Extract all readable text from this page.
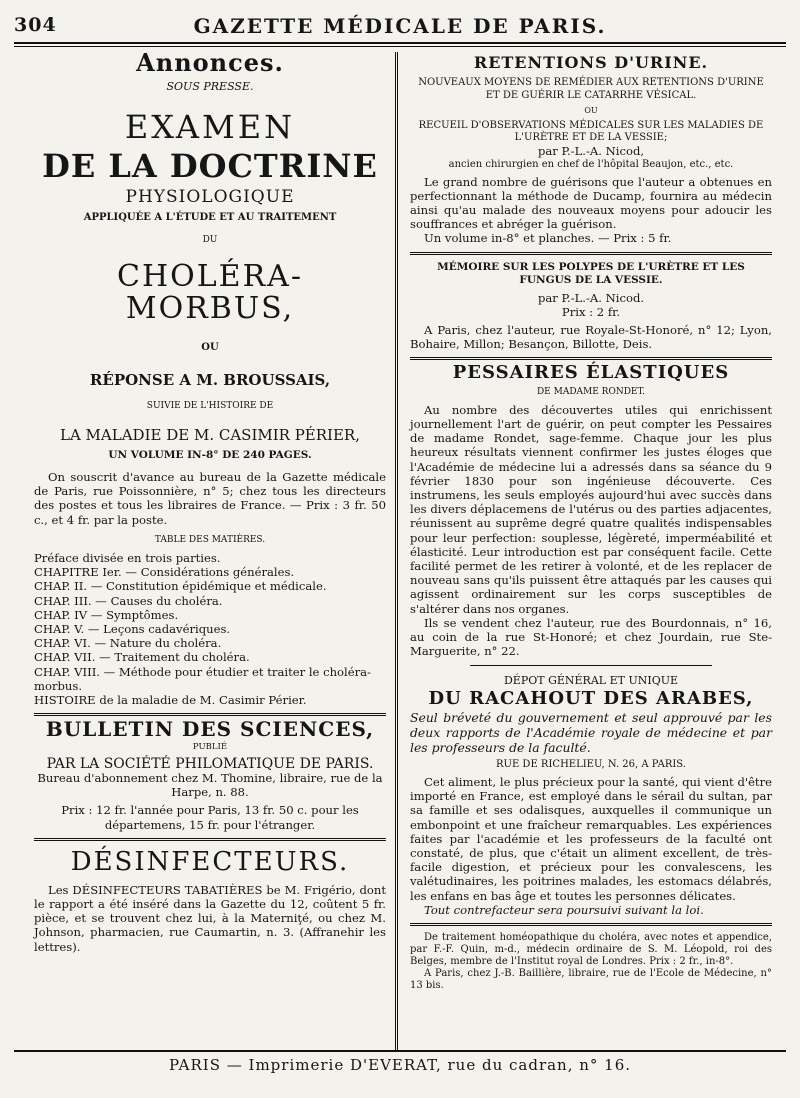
304	GAZETTE MÉDICALE DE PARIS.
Annonces.
SOUS PRESSE.
EXAMEN
DE LA DOCTRINE
PHYSIOLOGIQUE
APPLIQUÉE A L'ÉTUDE ET AU TRAITEMENT
DU
CHOLÉRA-MORBUS,
OU
RÉPONSE A M. BROUSSAIS,
SUIVIE DE L'HISTOIRE DE
LA MALADIE DE M. CASIMIR PÉRIER,
UN VOLUME IN-8° DE 240 PAGES.

On souscrit d'avance au bureau de la Gazette médicale de Paris, rue Poissonnière, n° 5; chez tous les directeurs des postes et tous les libraires de France. — Prix : 3 fr. 50 c., et 4 fr. par la poste.

TABLE DES MATIÈRES.

Préface divisée en trois parties.

CHAPITRE Ier. — Considérations générales.

CHAP. II. — Constitution épidémique et médicale.

CHAP. III. — Causes du choléra.

CHAP. IV — Symptômes.

CHAP. V. — Leçons cadavériques.

CHAP. VI. — Nature du choléra.

CHAP. VII. — Traitement du choléra.

CHAP. VIII. — Méthode pour étudier et traiter le choléra-morbus.

HISTOIRE de la maladie de M. Casimir Périer.

BULLETIN DES SCIENCES,
PUBLIÉ
PAR LA SOCIÉTÉ PHILOMATIQUE DE PARIS.

Bureau d'abonnement chez M. Thomine, libraire, rue de la Harpe, n. 88.

Prix : 12 fr. l'année pour Paris, 13 fr. 50 c. pour les départemens, 15 fr. pour l'étranger.

DÉSINFECTEURS.

Les DÉSINFECTEURS TABATIÈRES be M. Frigério, dont le rapport a été inséré dans la Gazette du 12, coûtent 5 fr. pièce, et se trouvent chez lui, à la Materniţé, ou chez M. Johnson, pharmacien, rue Caumartin, n. 3. (Affranehir les lettres).

RETENTIONS D'URINE.
NOUVEAUX MOYENS DE REMÉDIER AUX RETENTIONS D'URINE ET DE GUÉRIR LE CATARRHE VÉSICAL.
OU
RECUEIL D'OBSERVATIONS MÉDICALES SUR LES MALADIES DE L'URÈTRE ET DE LA VESSIE;
par P.-L.-A. Nicod,
ancien chirurgien en chef de l'hôpital Beaujon, etc., etc.

Le grand nombre de guérisons que l'auteur a obtenues en perfectionnant la méthode de Ducamp, fournira au médecin ainsi qu'au malade des nouveaux moyens pour adoucir les souffrances et abréger la guérison.

Un volume in-8° et planches. — Prix : 5 fr.

MÉMOIRE SUR LES POLYPES DE L'URÈTRE ET LES FUNGUS DE LA VESSIE.
par P.-L.-A. Nicod.
Prix : 2 fr.

A Paris, chez l'auteur, rue Royale-St-Honoré, n° 12; Lyon, Bohaire, Millon; Besançon, Billotte, Deis.

PESSAIRES ÉLASTIQUES
DE MADAME RONDET.

Au nombre des découvertes utiles qui enrichissent journellement l'art de guérir, on peut compter les Pessaires de madame Rondet, sage-femme. Chaque jour les plus heureux résultats viennent confirmer les justes éloges que l'Académie de médecine lui a adressés dans sa séance du 9 février 1830 pour son ingénieuse découverte. Ces instrumens, les seuls employés aujourd'hui avec succès dans les divers déplacemens de l'utérus ou des parties adjacentes, réunissent au suprême degré quatre qualités indispensables pour leur perfection: souplesse, légèreté, imperméabilité et élasticité. Leur introduction est par conséquent facile. Cette facilité permet de les retirer à volonté, et de les replacer de nouveau sans qu'ils puissent être attaqués par les causes qui agissent ordinairement sur les corps susceptibles de s'altérer dans nos organes.

Ils se vendent chez l'auteur, rue des Bourdonnais, n° 16, au coin de la rue St-Honoré; et chez Jourdain, rue Ste-Marguerite, n° 22.

DÉPOT GÉNÉRAL ET UNIQUE
DU RACAHOUT DES ARABES,

Seul bréveté du gouvernement et seul approuvé par les deux rapports de l'Académie royale de médecine et par les professeurs de la faculté.

RUE DE RICHELIEU, N. 26, A PARIS.

Cet aliment, le plus précieux pour la santé, qui vient d'être importé en France, est employé dans le sérail du sultan, par sa famille et ses odalisques, auxquelles il communique un embonpoint et une fraîcheur remarquables. Les expériences faites par l'académie et les professeurs de la faculté ont constaté, de plus, que c'était un aliment excellent, de très-facile digestion, et précieux pour les convalescens, les valétudinaires, les poitrines malades, les estomacs délabrés, les enfans en bas âge et toutes les personnes délicates.

Tout contrefacteur sera poursuivi suivant la loi.

De traitement homéopathique du choléra, avec notes et appendice, par F.-F. Quin, m-d., médecin ordinaire de S. M. Léopold, roi des Belges, membre de l'Institut royal de Londres. Prix : 2 fr., in-8°.

A Paris, chez J.-B. Baillière, libraire, rue de l'Ecole de Médecine, n° 13 bis.

PARIS — Imprimerie D'EVERAT, rue du cadran, n° 16.
